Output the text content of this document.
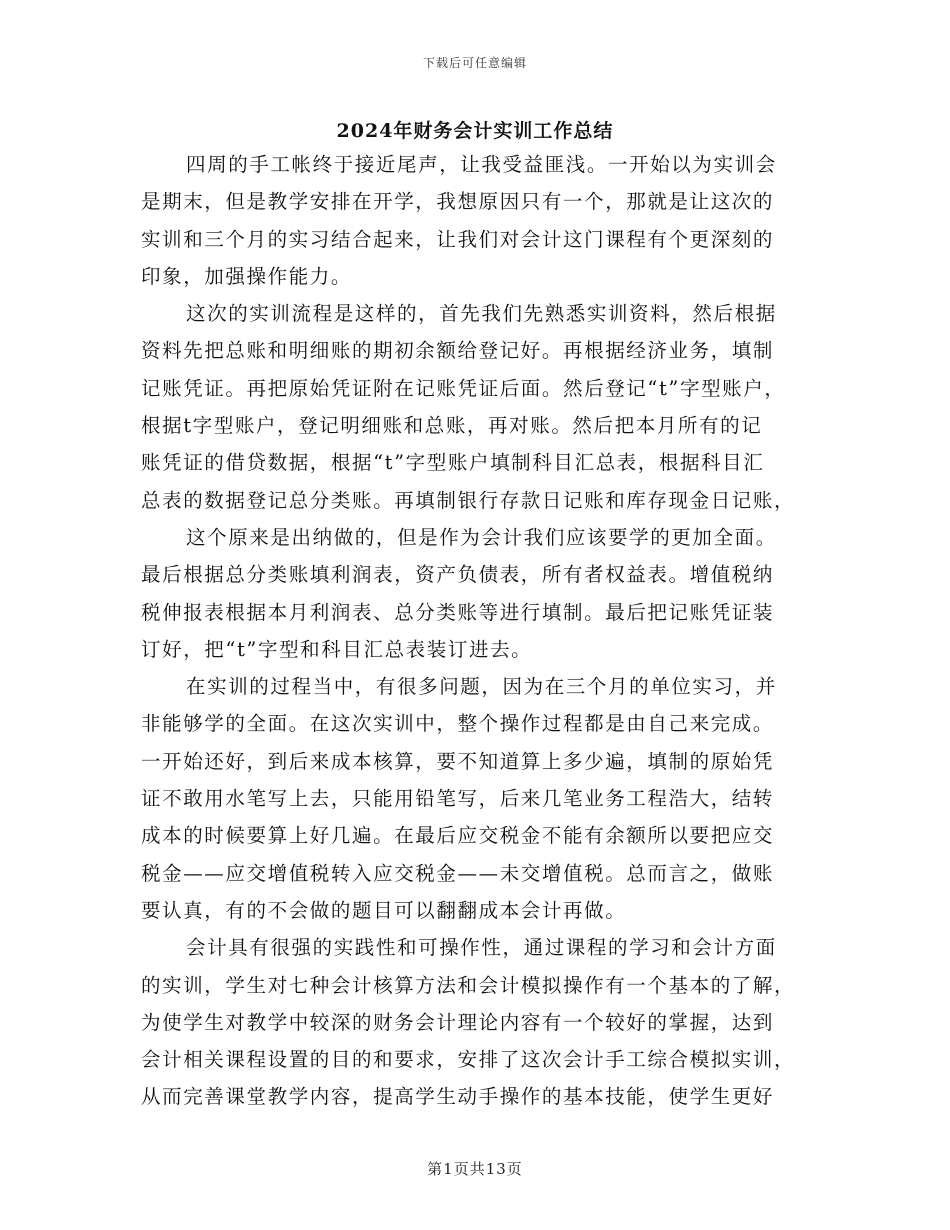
下载后可任意编辑
2024年财务会计实训工作总结
四周的手工帐终于接近尾声，让我受益匪浅。一开始以为实训会
是期末，但是教学安排在开学，我想原因只有一个，那就是让这次的
实训和三个月的实习结合起来，让我们对会计这门课程有个更深刻的
印象，加强操作能力。
这次的实训流程是这样的，首先我们先熟悉实训资料，然后根据
资料先把总账和明细账的期初余额给登记好。再根据经济业务，填制
记账凭证。再把原始凭证附在记账凭证后面。然后登记“t”字型账户，
根据t字型账户，登记明细账和总账，再对账。然后把本月所有的记
账凭证的借贷数据，根据“t”字型账户填制科目汇总表，根据科目汇
总表的数据登记总分类账。再填制银行存款日记账和库存现金日记账，
这个原来是出纳做的，但是作为会计我们应该要学的更加全面。
最后根据总分类账填利润表，资产负债表，所有者权益表。增值税纳
税伸报表根据本月利润表、总分类账等进行填制。最后把记账凭证装
订好，把“t”字型和科目汇总表装订进去。
在实训的过程当中，有很多问题，因为在三个月的单位实习，并
非能够学的全面。在这次实训中，整个操作过程都是由自己来完成。
一开始还好，到后来成本核算，要不知道算上多少遍，填制的原始凭
证不敢用水笔写上去，只能用铅笔写，后来几笔业务工程浩大，结转
成本的时候要算上好几遍。在最后应交税金不能有余额所以要把应交
税金——应交增值税转入应交税金——未交增值税。总而言之，做账
要认真，有的不会做的题目可以翻翻成本会计再做。
会计具有很强的实践性和可操作性，通过课程的学习和会计方面
的实训，学生对七种会计核算方法和会计模拟操作有一个基本的了解，
为使学生对教学中较深的财务会计理论内容有一个较好的掌握，达到
会计相关课程设置的目的和要求，安排了这次会计手工综合模拟实训，
从而完善课堂教学内容，提高学生动手操作的基本技能，使学生更好
第1页共13页
